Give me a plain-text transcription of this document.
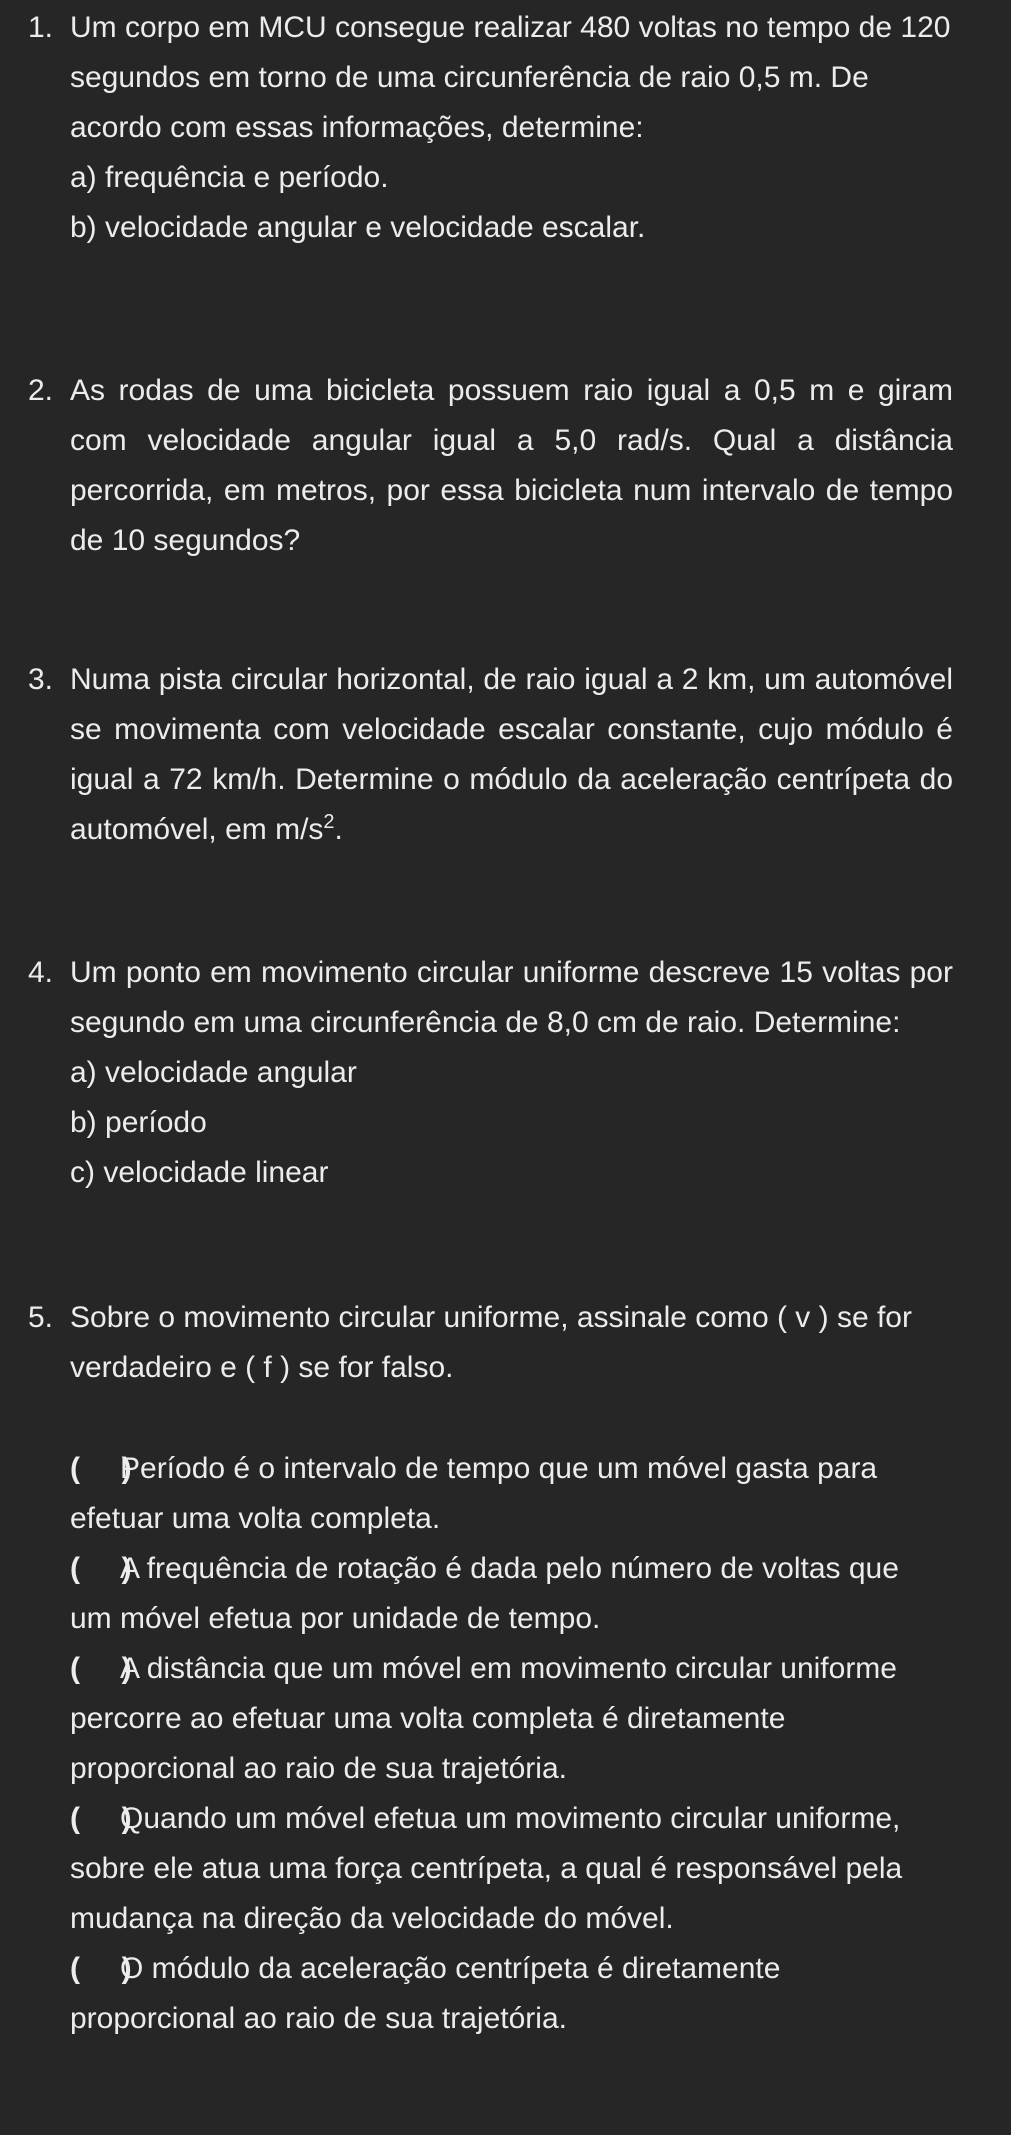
1. Um corpo em MCU consegue realizar 480 voltas no tempo de 120 segundos em torno de uma circunferência de raio 0,5 m. De acordo com essas informações, determine:
a) frequência e período.
b) velocidade angular e velocidade escalar.
2. As rodas de uma bicicleta possuem raio igual a 0,5 m e giram com velocidade angular igual a 5,0 rad/s. Qual a distância percorrida, em metros, por essa bicicleta num intervalo de tempo de 10 segundos?
3. Numa pista circular horizontal, de raio igual a 2 km, um automóvel se movimenta com velocidade escalar constante, cujo módulo é igual a 72 km/h. Determine o módulo da aceleração centrípeta do automóvel, em $m/s^2$.
4. Um ponto em movimento circular uniforme descreve 15 voltas por segundo em uma circunferência de 8,0 cm de raio. Determine:
a) velocidade angular
b) período
c) velocidade linear
5. Sobre o movimento circular uniforme, assinale como ( v ) se for verdadeiro e ( f ) se for falso.
(     )Período é o intervalo de tempo que um móvel gasta para efetuar uma volta completa.
(     )A frequência de rotação é dada pelo número de voltas que um móvel efetua por unidade de tempo.
(     )A distância que um móvel em movimento circular uniforme percorre ao efetuar uma volta completa é diretamente proporcional ao raio de sua trajetória.
(     )Quando um móvel efetua um movimento circular uniforme, sobre ele atua uma força centrípeta, a qual é responsável pela mudança na direção da velocidade do móvel.
(     )O módulo da aceleração centrípeta é diretamente proporcional ao raio de sua trajetória.
